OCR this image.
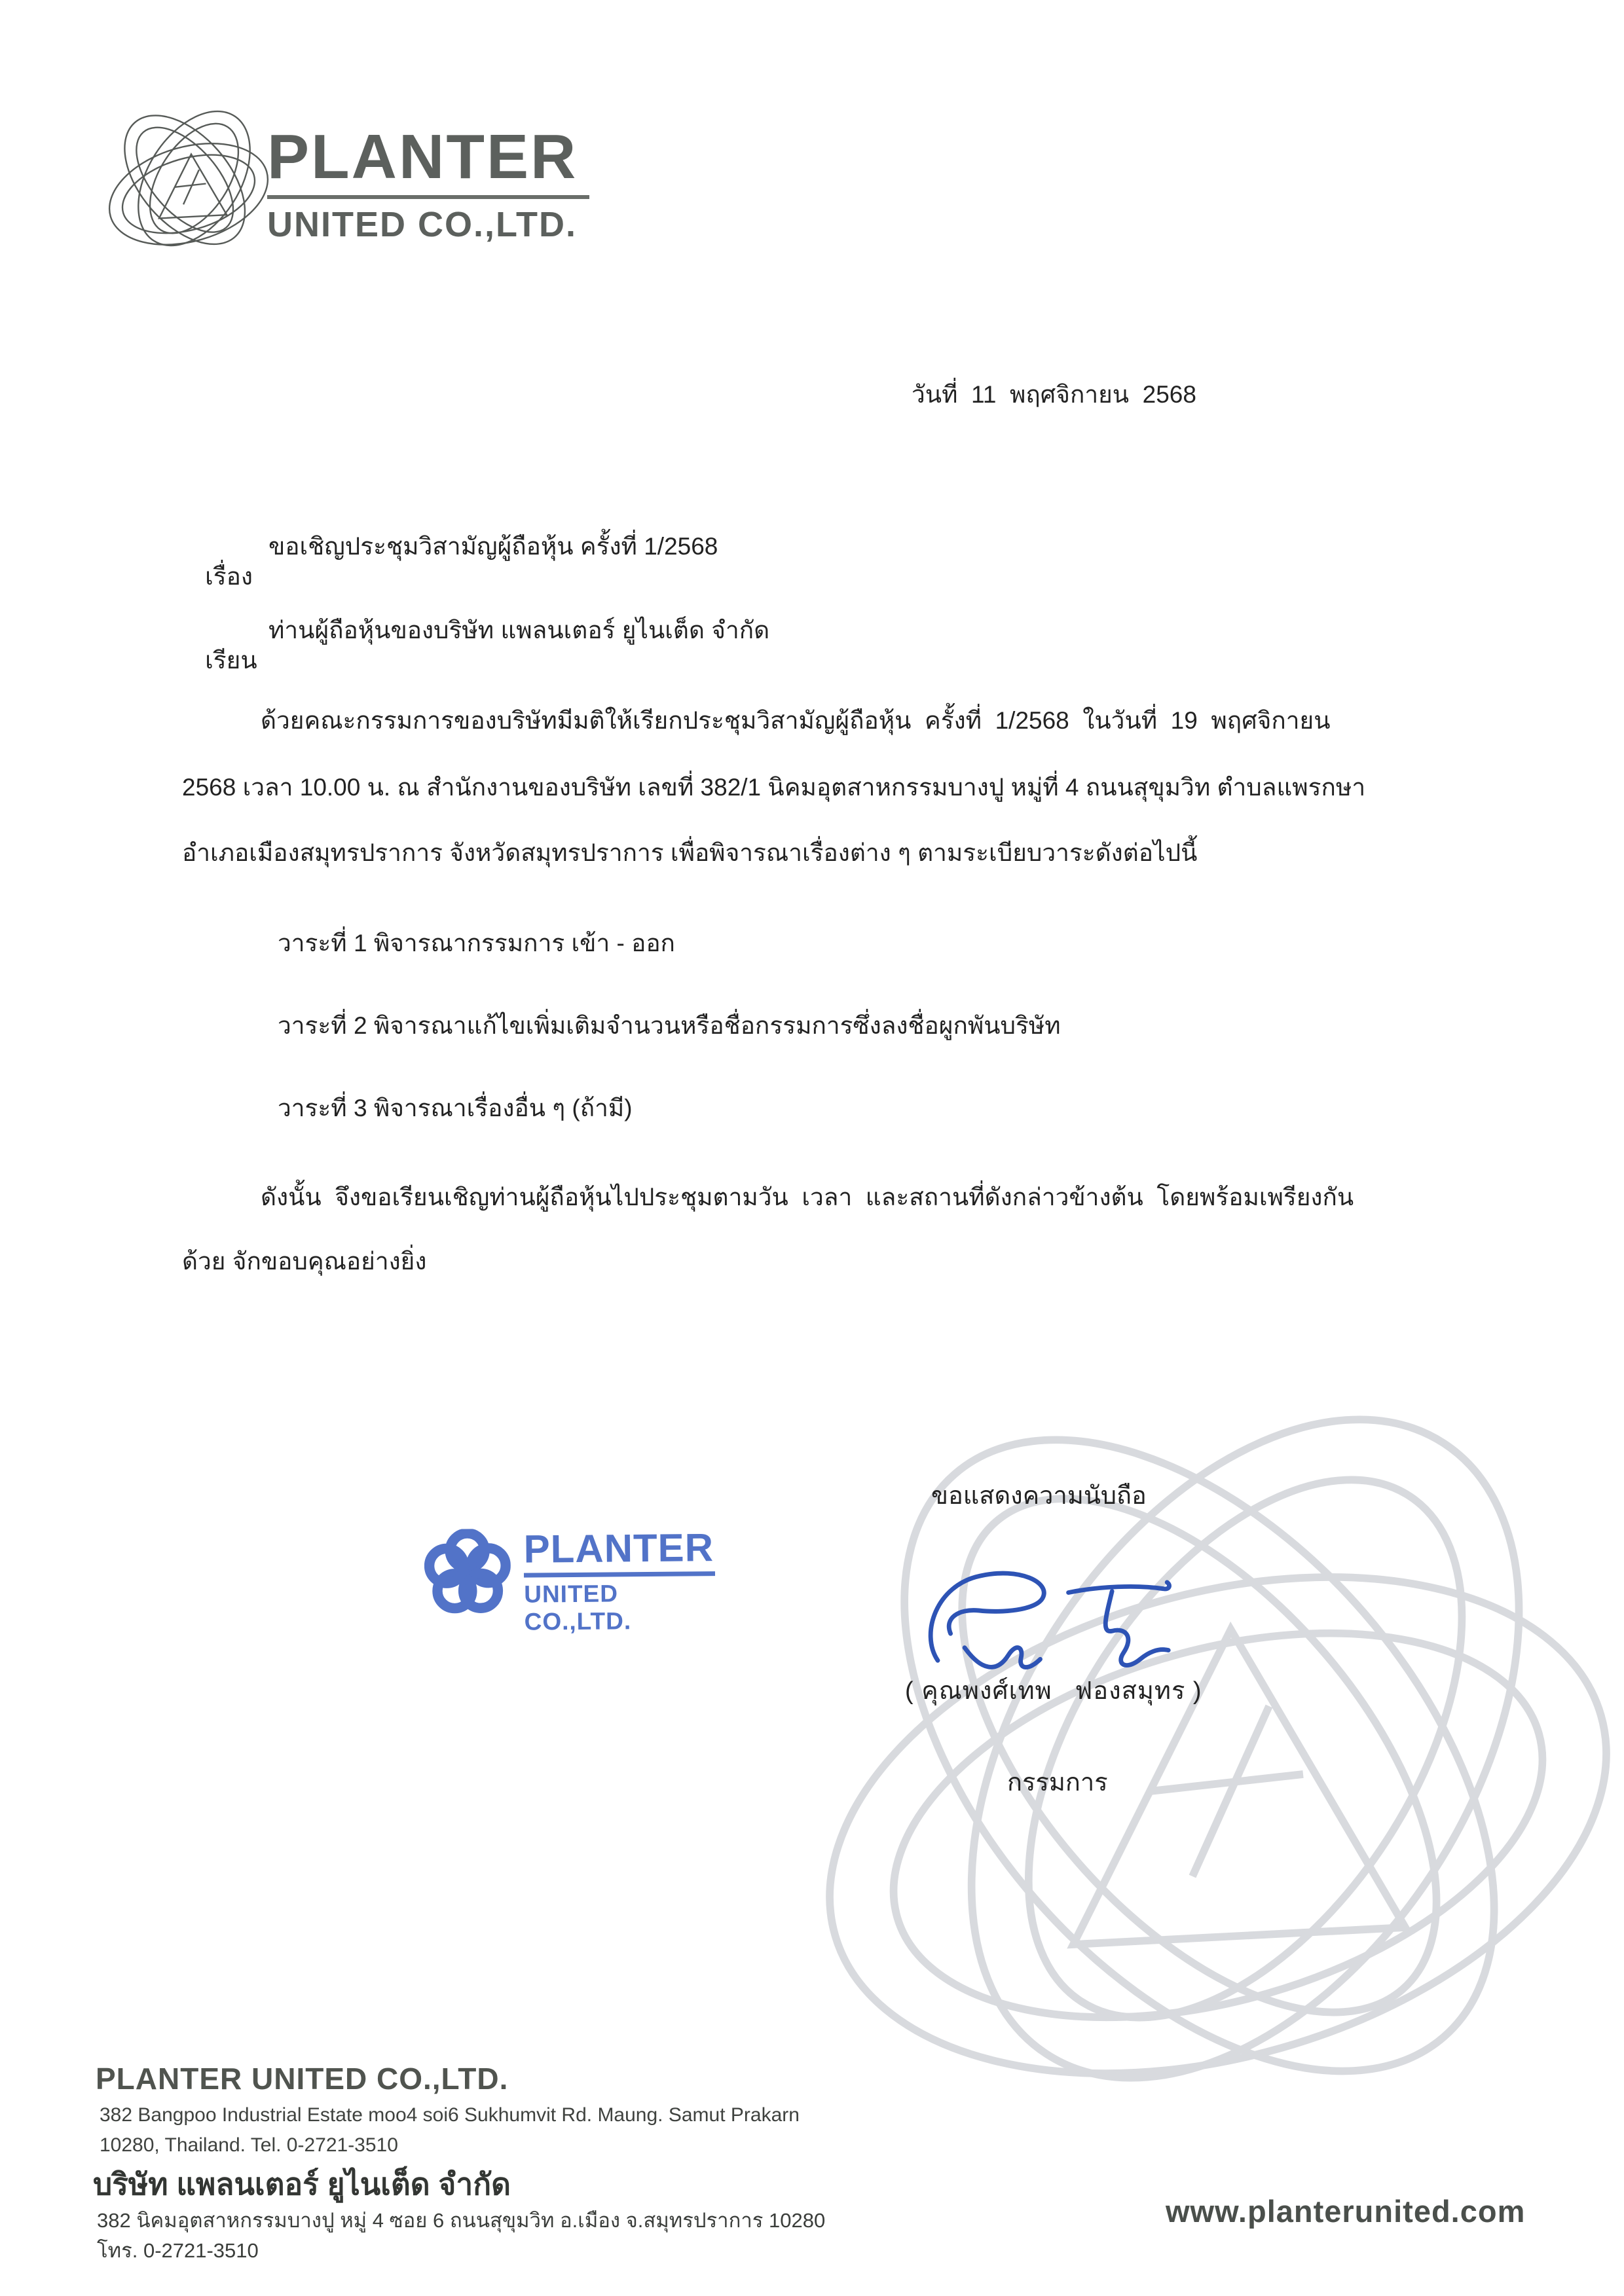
PLANTER
UNITED CO.,LTD.
วันที่  11  พฤศจิกายน  2568

เรื่อง

ขอเชิญประชุมวิสามัญผู้ถือหุ้น ครั้งที่ 1/2568

เรียน

ท่านผู้ถือหุ้นของบริษัท แพลนเตอร์ ยูไนเต็ด จำกัด

ด้วยคณะกรรมการของบริษัทมีมติให้เรียกประชุมวิสามัญผู้ถือหุ้น  ครั้งที่  1/2568  ในวันที่  19  พฤศจิกายน
2568 เวลา 10.00 น. ณ สำนักงานของบริษัท เลขที่ 382/1 นิคมอุตสาหกรรมบางปู หมู่ที่ 4 ถนนสุขุมวิท ตำบลแพรกษา
อำเภอเมืองสมุทรปราการ จังหวัดสมุทรปราการ เพื่อพิจารณาเรื่องต่าง ๆ ตามระเบียบวาระดังต่อไปนี้
วาระที่ 1 พิจารณากรรมการ เข้า - ออก
วาระที่ 2 พิจารณาแก้ไขเพิ่มเติมจำนวนหรือชื่อกรรมการซึ่งลงชื่อผูกพันบริษัท
วาระที่ 3 พิจารณาเรื่องอื่น ๆ (ถ้ามี)
ดังนั้น  จึงขอเรียนเชิญท่านผู้ถือหุ้นไปประชุมตามวัน  เวลา  และสถานที่ดังกล่าวข้างต้น  โดยพร้อมเพรียงกัน
ด้วย จักขอบคุณอย่างยิ่ง
ขอแสดงความนับถือ
PLANTER
UNITED CO.,LTD.
( คุณพงศ์เทพ   ฟองสมุทร )
กรรมการ
PLANTER UNITED CO.,LTD.
382 Bangpoo Industrial Estate moo4 soi6 Sukhumvit Rd. Maung. Samut Prakarn
10280, Thailand. Tel. 0-2721-3510
บริษัท แพลนเตอร์ ยูไนเต็ด จำกัด
382 นิคมอุตสาหกรรมบางปู หมู่ 4 ซอย 6 ถนนสุขุมวิท อ.เมือง จ.สมุทรปราการ 10280
โทร. 0-2721-3510
www.planterunited.com
